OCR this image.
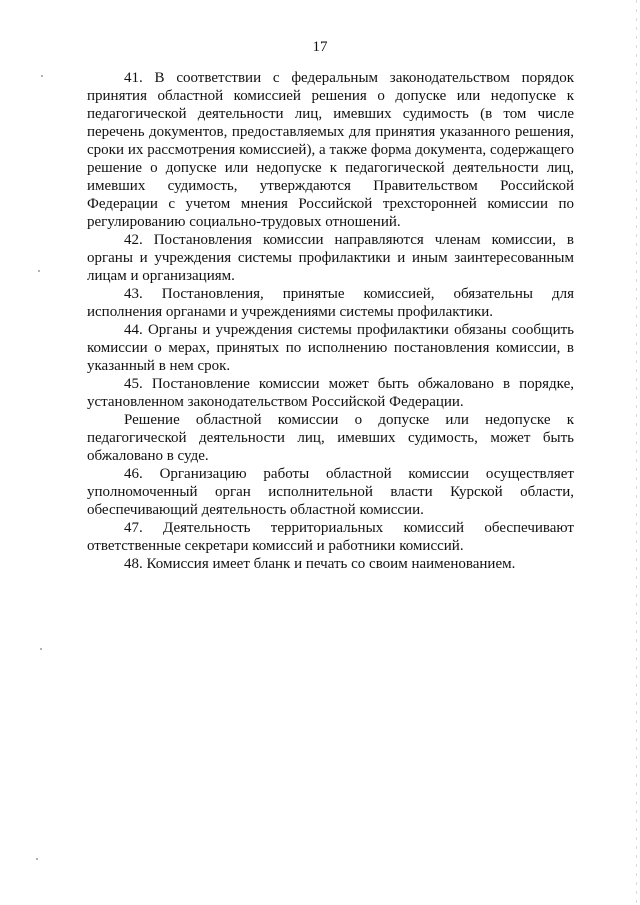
17

41. В соответствии с федеральным законодательством порядок принятия областной комиссией решения о допуске или недопуске к педагогической деятельности лиц, имевших судимость (в том числе перечень документов, предоставляемых для принятия указанного решения, сроки их рассмотрения комиссией), а также форма документа, содержащего решение о допуске или недопуске к педагогической деятельности лиц, имевших судимость, утверждаются Правительством Российской Федерации с учетом мнения Российской трехсторонней комиссии по регулированию социально-трудовых отношений.

42. Постановления комиссии направляются членам комиссии, в органы и учреждения системы профилактики и иным заинтересованным лицам и организациям.

43. Постановления, принятые комиссией, обязательны для исполнения органами и учреждениями системы профилактики.

44. Органы и учреждения системы профилактики обязаны сообщить комиссии о мерах, принятых по исполнению постановления комиссии, в указанный в нем срок.

45. Постановление комиссии может быть обжаловано в порядке, установленном законодательством Российской Федерации.

Решение областной комиссии о допуске или недопуске к педагогической деятельности лиц, имевших судимость, может быть обжаловано в суде.

46. Организацию работы областной комиссии осуществляет уполномоченный орган исполнительной власти Курской области, обеспечивающий деятельность областной комиссии.

47. Деятельность территориальных комиссий обеспечивают ответственные секретари комиссий и работники комиссий.

48. Комиссия имеет бланк и печать со своим наименованием.
